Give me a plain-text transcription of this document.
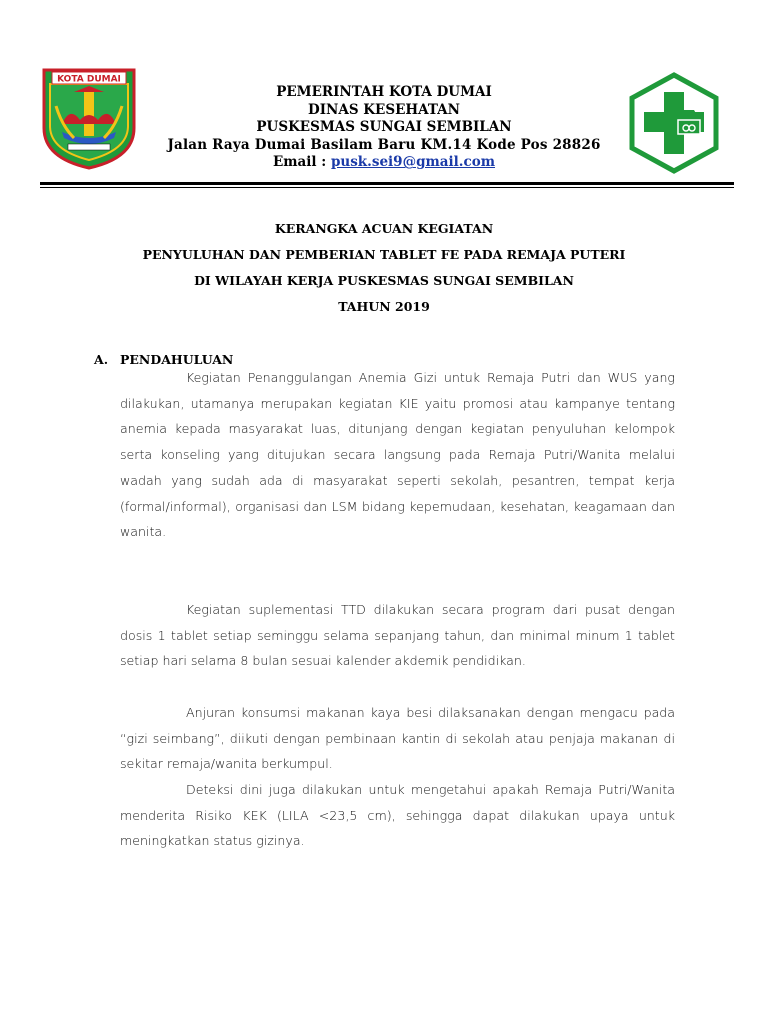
KOTA DUMAI
PEMERINTAH KOTA DUMAI
DINAS KESEHATAN
PUSKESMAS SUNGAI SEMBILAN
Jalan Raya Dumai Basilam Baru KM.14 Kode Pos 28826
Email : pusk.sei9@gmail.com
KERANGKA ACUAN KEGIATAN
PENYULUHAN DAN PEMBERIAN TABLET FE PADA REMAJA PUTERI
DI WILAYAH KERJA PUSKESMAS SUNGAI SEMBILAN
TAHUN 2019
A. PENDAHULUAN

Kegiatan Penanggulangan Anemia Gizi untuk Remaja Putri dan WUS yang dilakukan, utamanya merupakan kegiatan KIE yaitu promosi atau kampanye tentang anemia kepada masyarakat luas, ditunjang dengan kegiatan penyuluhan kelompok serta konseling yang ditujukan secara langsung pada Remaja Putri/Wanita melalui wadah yang sudah ada di masyarakat seperti sekolah, pesantren, tempat kerja (formal/informal), organisasi dan LSM bidang kepemudaan, kesehatan, keagamaan dan wanita.

Kegiatan suplementasi TTD dilakukan secara program dari pusat dengan dosis 1 tablet setiap seminggu selama sepanjang tahun, dan minimal minum 1 tablet setiap hari selama 8 bulan sesuai kalender akdemik pendidikan.

Anjuran konsumsi makanan kaya besi dilaksanakan dengan mengacu pada “gizi seimbang”, diikuti dengan pembinaan kantin di sekolah atau penjaja makanan di sekitar remaja/wanita berkumpul.

Deteksi dini juga dilakukan untuk mengetahui apakah Remaja Putri/Wanita menderita Risiko KEK (LILA <23,5 cm), sehingga dapat dilakukan upaya untuk meningkatkan status gizinya.
